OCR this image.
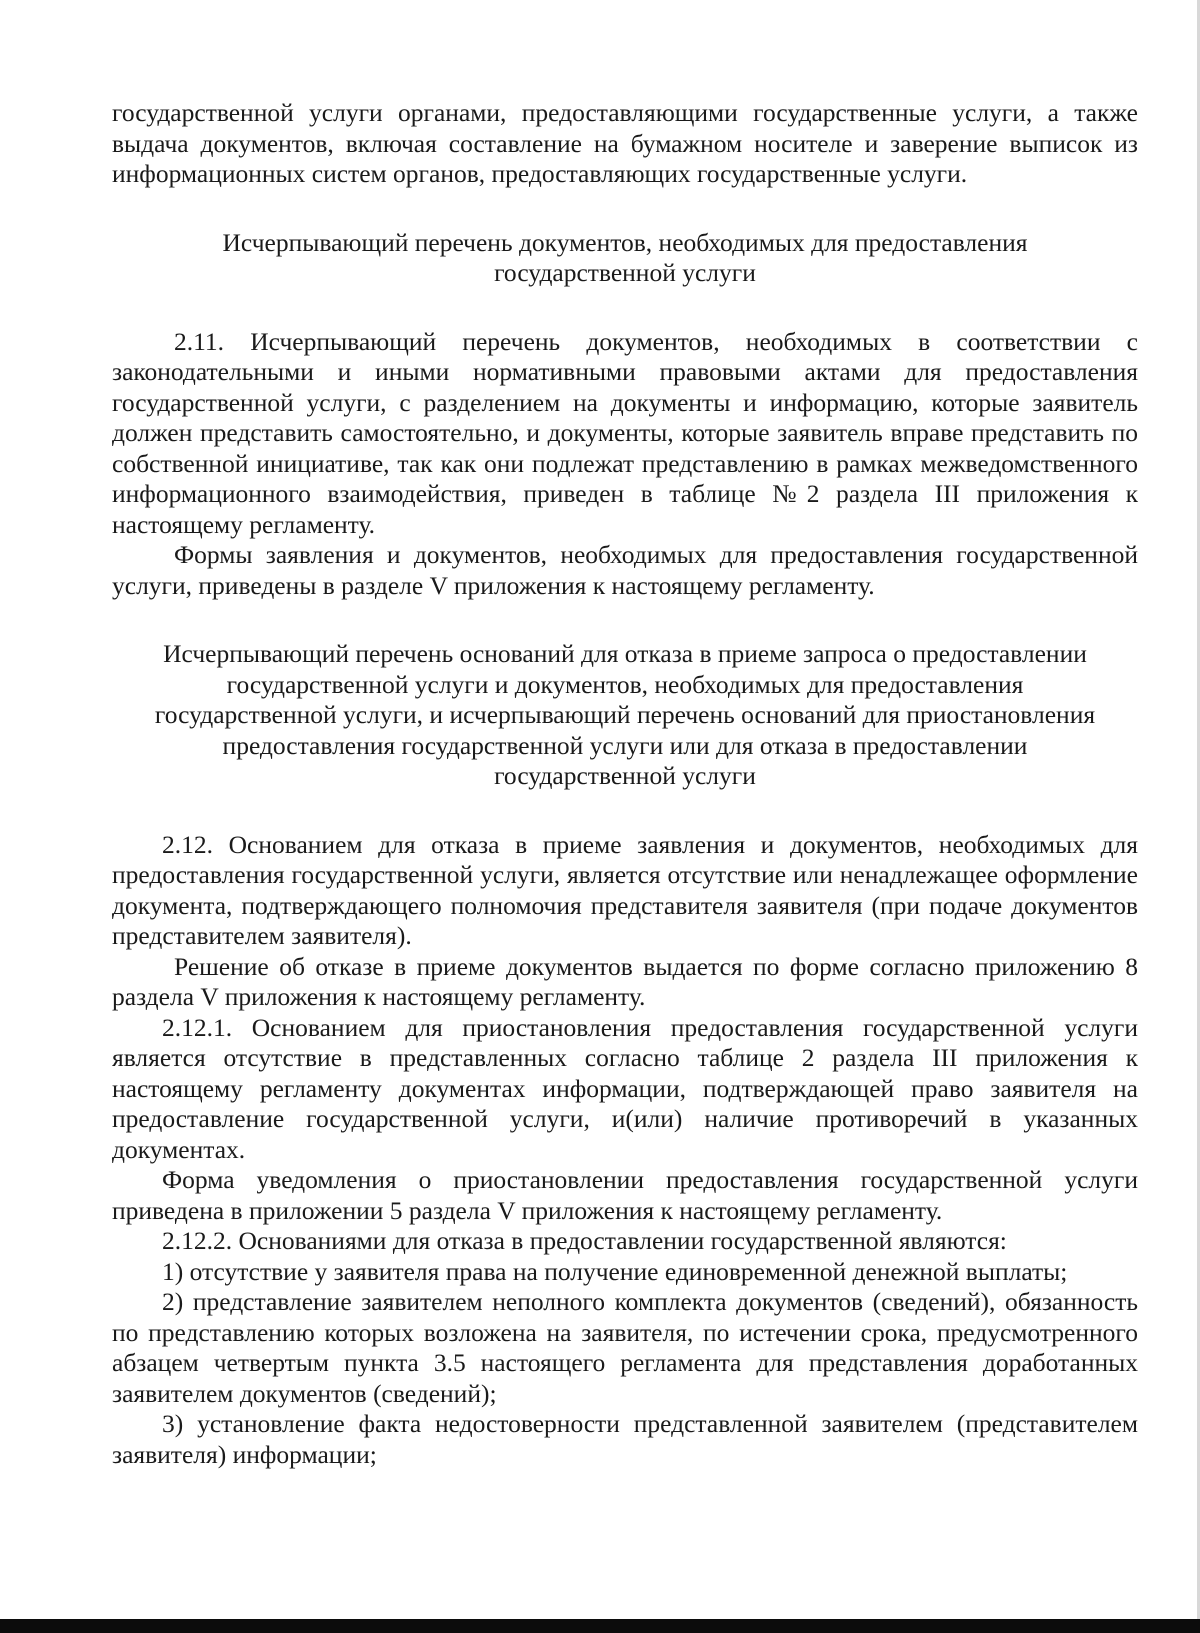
государственной услуги органами, предоставляющими государственные услуги, а также выдача документов, включая составление на бумажном носителе и заверение выписок из информационных систем органов, предоставляющих государственные услуги.

Исчерпывающий перечень документов, необходимых для предоставления государственной услуги

2.11. Исчерпывающий перечень документов, необходимых в соответствии с законодательными и иными нормативными правовыми актами для предоставления государственной услуги, с разделением на документы и информацию, которые заявитель должен представить самостоятельно, и документы, которые заявитель вправе представить по собственной инициативе, так как они подлежат представлению в рамках межведомственного информационного взаимодействия, приведен в таблице №2 раздела III приложения к настоящему регламенту.

Формы заявления и документов, необходимых для предоставления государственной услуги, приведены в разделе V приложения к настоящему регламенту.

Исчерпывающий перечень оснований для отказа в приеме запроса о предоставлении государственной услуги и документов, необходимых для предоставления государственной услуги, и исчерпывающий перечень оснований для приостановления предоставления государственной услуги или для отказа в предоставлении государственной услуги

2.12. Основанием для отказа в приеме заявления и документов, необходимых для предоставления государственной услуги, является отсутствие или ненадлежащее оформление документа, подтверждающего полномочия представителя заявителя (при подаче документов представителем заявителя).

Решение об отказе в приеме документов выдается по форме согласно приложению 8 раздела V приложения к настоящему регламенту.

2.12.1. Основанием для приостановления предоставления государственной услуги является отсутствие в представленных согласно таблице 2 раздела III приложения к настоящему регламенту документах информации, подтверждающей право заявителя на предоставление государственной услуги, и(или) наличие противоречий в указанных документах.

Форма уведомления о приостановлении предоставления государственной услуги приведена в приложении 5 раздела V приложения к настоящему регламенту.

2.12.2. Основаниями для отказа в предоставлении государственной являются:

1) отсутствие у заявителя права на получение единовременной денежной выплаты;

2) представление заявителем неполного комплекта документов (сведений), обязанность по представлению которых возложена на заявителя, по истечении срока, предусмотренного абзацем четвертым пункта 3.5 настоящего регламента для представления доработанных заявителем документов (сведений);

3) установление факта недостоверности представленной заявителем (представителем заявителя) информации;
